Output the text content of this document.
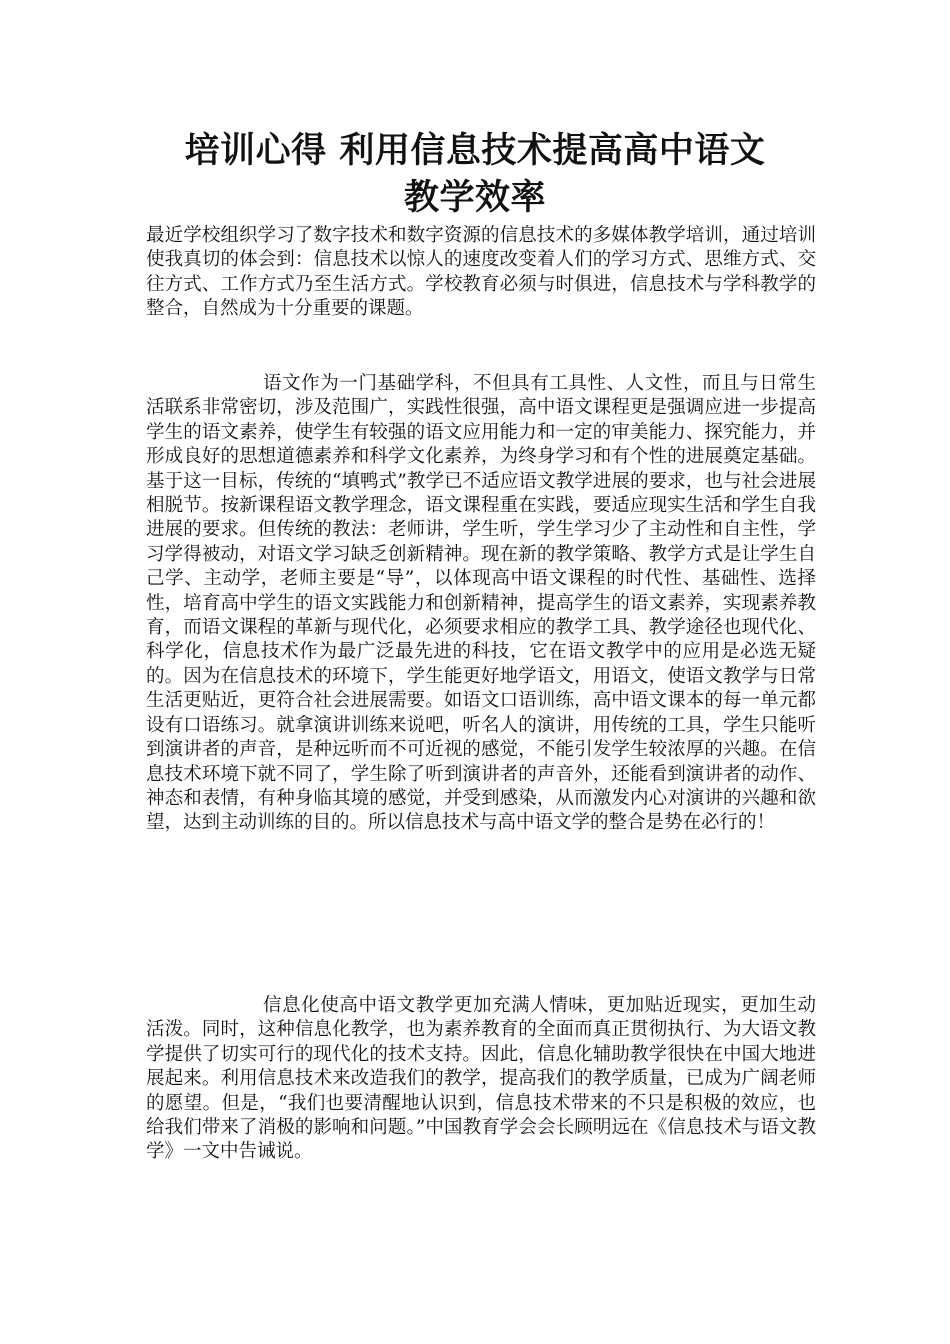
培训心得 利用信息技术提高高中语文
教学效率

最近学校组织学习了数字技术和数字资源的信息技术的多媒体教学培训，通过培训使我真切的体会到：信息技术以惊人的速度改变着人们的学习方式、思维方式、交往方式、工作方式乃至生活方式。学校教育必须与时俱进，信息技术与学科教学的整合，自然成为十分重要的课题。

语文作为一门基础学科，不但具有工具性、人文性，而且与日常生活联系非常密切，涉及范围广，实践性很强，高中语文课程更是强调应进一步提高学生的语文素养，使学生有较强的语文应用能力和一定的审美能力、探究能力，并形成良好的思想道德素养和科学文化素养，为终身学习和有个性的进展奠定基础。基于这一目标，传统的“填鸭式”教学已不适应语文教学进展的要求，也与社会进展相脱节。按新课程语文教学理念，语文课程重在实践，要适应现实生活和学生自我进展的要求。但传统的教法：老师讲，学生听，学生学习少了主动性和自主性，学习学得被动，对语文学习缺乏创新精神。现在新的教学策略、教学方式是让学生自己学、主动学，老师主要是“导”，以体现高中语文课程的时代性、基础性、选择性，培育高中学生的语文实践能力和创新精神，提高学生的语文素养，实现素养教育，而语文课程的革新与现代化，必须要求相应的教学工具、教学途径也现代化、科学化，信息技术作为最广泛最先进的科技，它在语文教学中的应用是必选无疑的。因为在信息技术的环境下，学生能更好地学语文，用语文，使语文教学与日常生活更贴近，更符合社会进展需要。如语文口语训练，高中语文课本的每一单元都设有口语练习。就拿演讲训练来说吧，听名人的演讲，用传统的工具，学生只能听到演讲者的声音，是种远听而不可近视的感觉，不能引发学生较浓厚的兴趣。在信息技术环境下就不同了，学生除了听到演讲者的声音外，还能看到演讲者的动作、神态和表情，有种身临其境的感觉，并受到感染，从而激发内心对演讲的兴趣和欲望，达到主动训练的目的。所以信息技术与高中语文学的整合是势在必行的！

信息化使高中语文教学更加充满人情味，更加贴近现实，更加生动活泼。同时，这种信息化教学，也为素养教育的全面而真正贯彻执行、为大语文教学提供了切实可行的现代化的技术支持。因此，信息化辅助教学很快在中国大地进展起来。利用信息技术来改造我们的教学，提高我们的教学质量，已成为广阔老师的愿望。但是，“我们也要清醒地认识到，信息技术带来的不只是积极的效应，也给我们带来了消极的影响和问题。”中国教育学会会长顾明远在《信息技术与语文教学》一文中告诫说。
